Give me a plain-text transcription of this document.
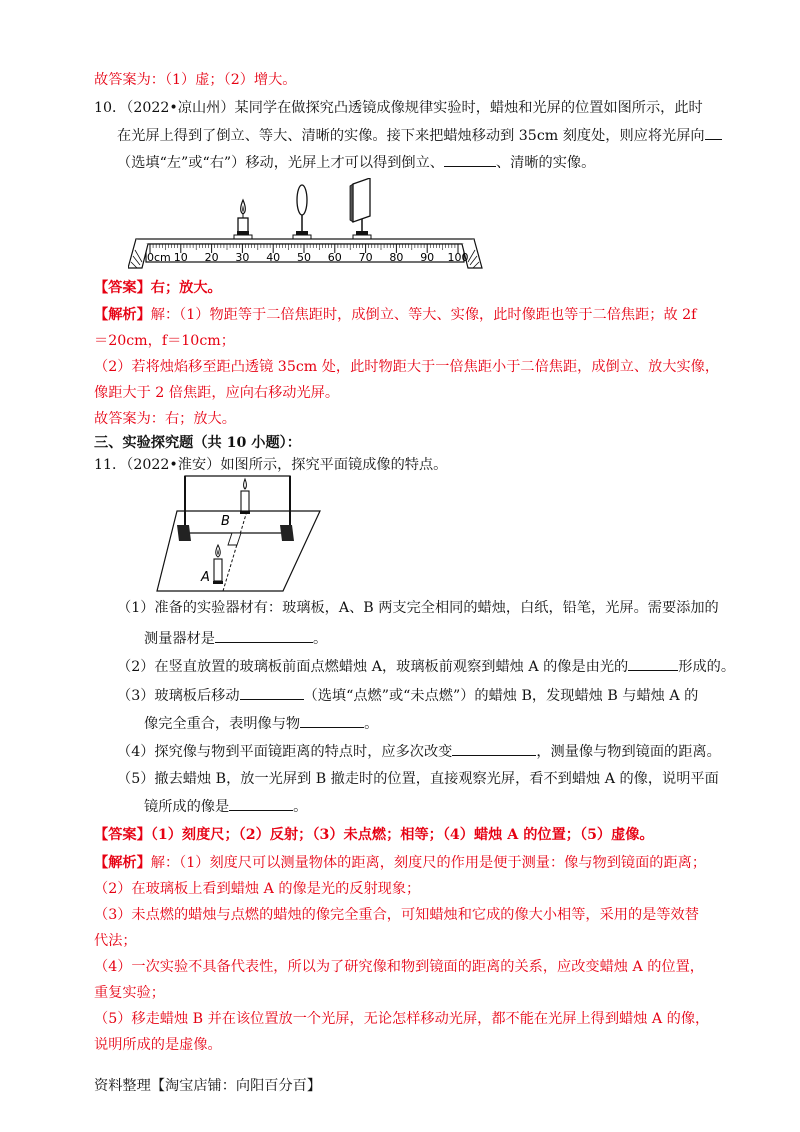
故答案为：（1）虚；（2）增大。
10．（2022•凉山州）某同学在做探究凸透镜成像规律实验时，蜡烛和光屏的位置如图所示，此时
在光屏上得到了倒立、等大、清晰的实像。接下来把蜡烛移动到 35cm 刻度处，则应将光屏向
（选填“左”或“右”）移动，光屏上才可以得到倒立、	、清晰的实像。
0cm 10 20 30 40 50 60 70 80 90 100
【答案】右；放大。
【解析】解：（1）物距等于二倍焦距时，成倒立、等大、实像，此时像距也等于二倍焦距；故 2f
＝20cm，f＝10cm；
（2）若将烛焰移至距凸透镜 35cm 处，此时物距大于一倍焦距小于二倍焦距，成倒立、放大实像，
像距大于 2 倍焦距，应向右移动光屏。
故答案为：右；放大。
三、实验探究题（共 10 小题）：
11．（2022•淮安）如图所示，探究平面镜成像的特点。
B
A
（1）准备的实验器材有：玻璃板，A、B 两支完全相同的蜡烛，白纸，铅笔，光屏。需要添加的
测量器材是	。
（2）在竖直放置的玻璃板前面点燃蜡烛 A，玻璃板前观察到蜡烛 A 的像是由光的	形成的。
（3）玻璃板后移动	（选填“点燃”或“未点燃”）的蜡烛 B，发现蜡烛 B 与蜡烛 A 的
像完全重合，表明像与物	。
（4）探究像与物到平面镜距离的特点时，应多次改变	，测量像与物到镜面的距离。
（5）撤去蜡烛 B，放一光屏到 B 撤走时的位置，直接观察光屏，看不到蜡烛 A 的像，说明平面
镜所成的像是	。
【答案】（1）刻度尺；（2）反射；（3）未点燃；相等；（4）蜡烛 A 的位置；（5）虚像。
【解析】解：（1）刻度尺可以测量物体的距离，刻度尺的作用是便于测量：像与物到镜面的距离；
（2）在玻璃板上看到蜡烛 A 的像是光的反射现象；
（3）未点燃的蜡烛与点燃的蜡烛的像完全重合，可知蜡烛和它成的像大小相等，采用的是等效替
代法；
（4）一次实验不具备代表性，所以为了研究像和物到镜面的距离的关系，应改变蜡烛 A 的位置，
重复实验；
（5）移走蜡烛 B 并在该位置放一个光屏，无论怎样移动光屏，都不能在光屏上得到蜡烛 A 的像，
说明所成的是虚像。
资料整理【淘宝店铺：向阳百分百】
